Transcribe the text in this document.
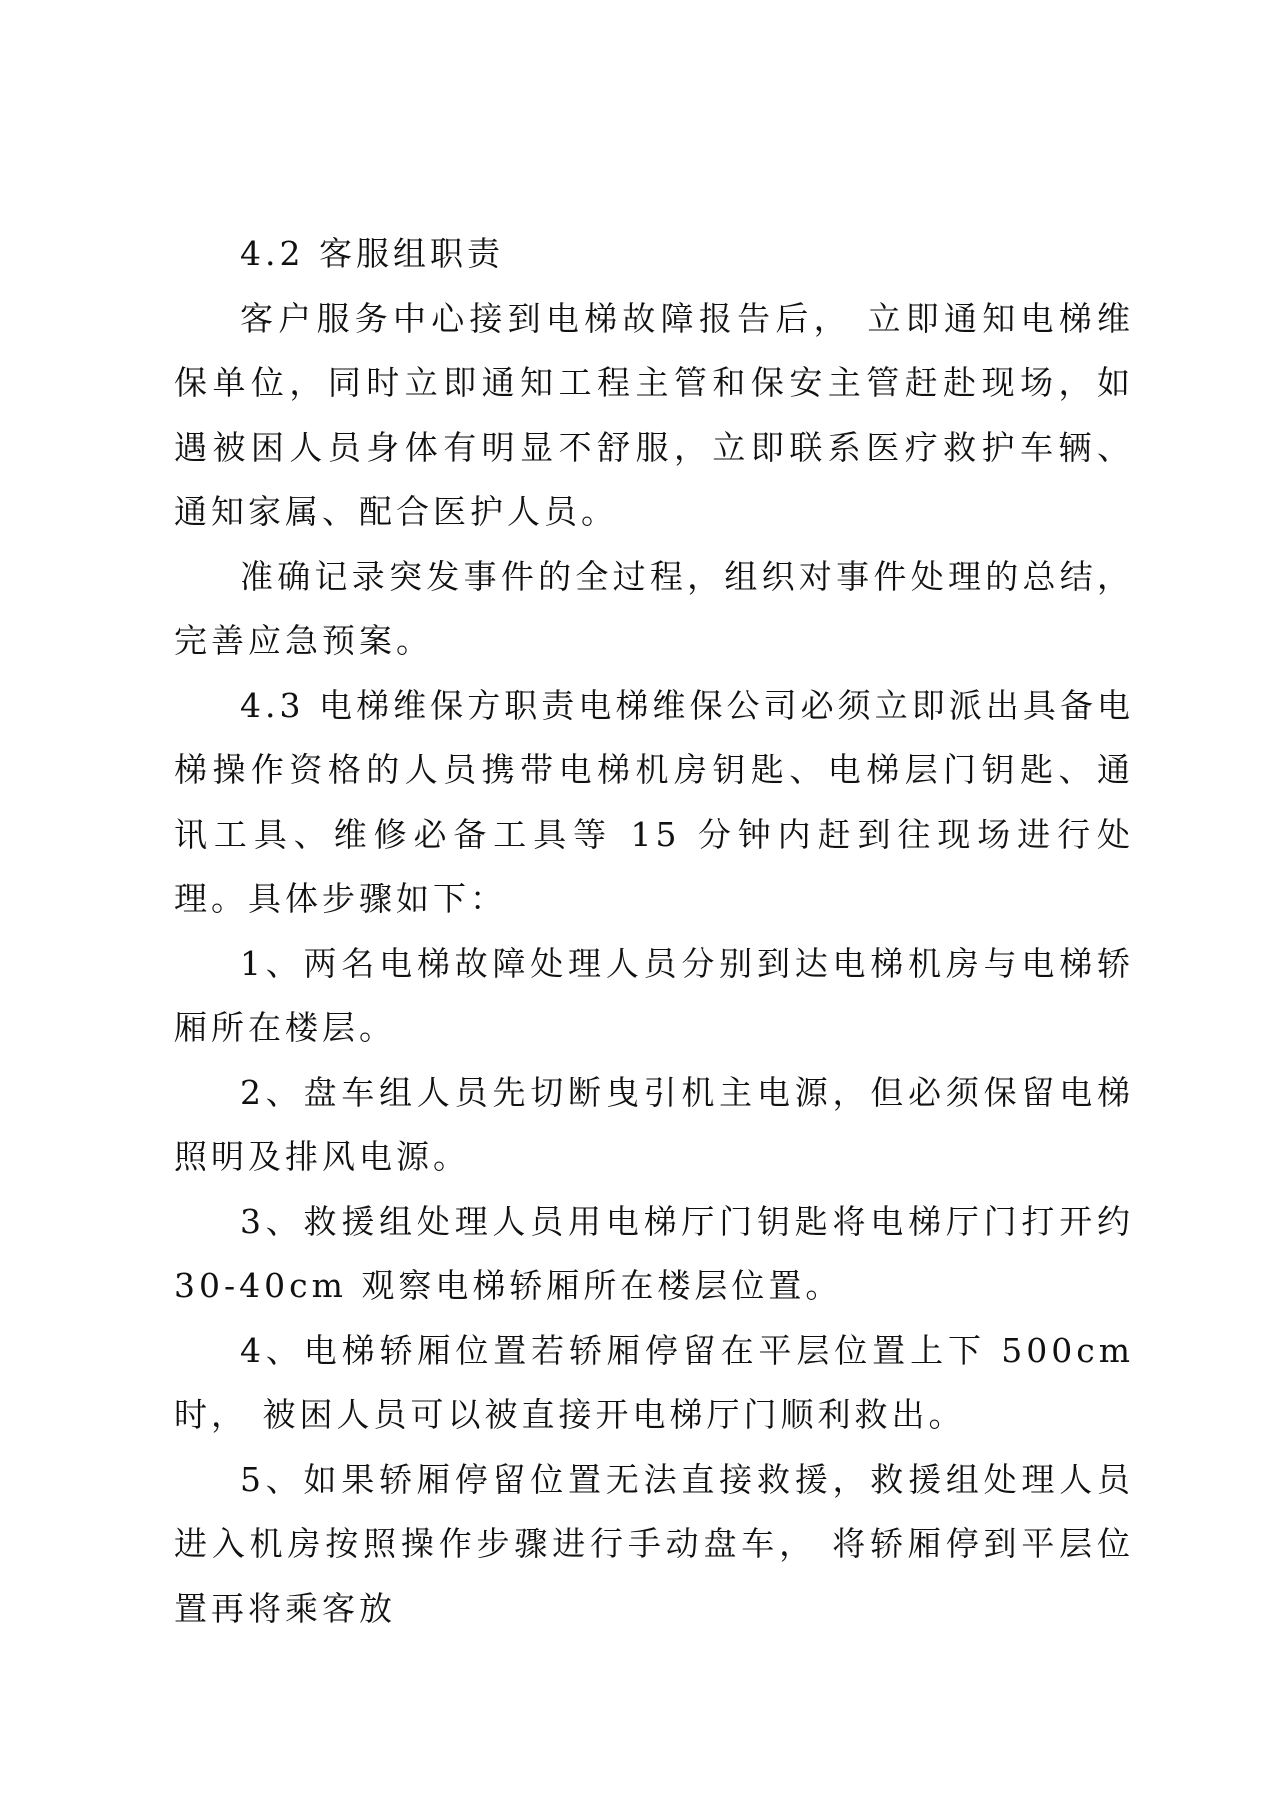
4.2 客服组职责

客户服务中心接到电梯故障报告后， 立即通知电梯维保单位，同时立即通知工程主管和保安主管赶赴现场，如遇被困人员身体有明显不舒服，立即联系医疗救护车辆、通知家属、配合医护人员。

准确记录突发事件的全过程，组织对事件处理的总结，完善应急预案。

4.3 电梯维保方职责电梯维保公司必须立即派出具备电梯操作资格的人员携带电梯机房钥匙、电梯层门钥匙、通讯工具、维修必备工具等 15 分钟内赶到往现场进行处理。具体步骤如下：

1、两名电梯故障处理人员分别到达电梯机房与电梯轿厢所在楼层。

2、盘车组人员先切断曳引机主电源，但必须保留电梯照明及排风电源。

3、救援组处理人员用电梯厅门钥匙将电梯厅门打开约 30-40cm 观察电梯轿厢所在楼层位置。

4、电梯轿厢位置若轿厢停留在平层位置上下 500cm 时， 被困人员可以被直接开电梯厅门顺利救出。

5、如果轿厢停留位置无法直接救援，救援组处理人员进入机房按照操作步骤进行手动盘车， 将轿厢停到平层位置再将乘客放
